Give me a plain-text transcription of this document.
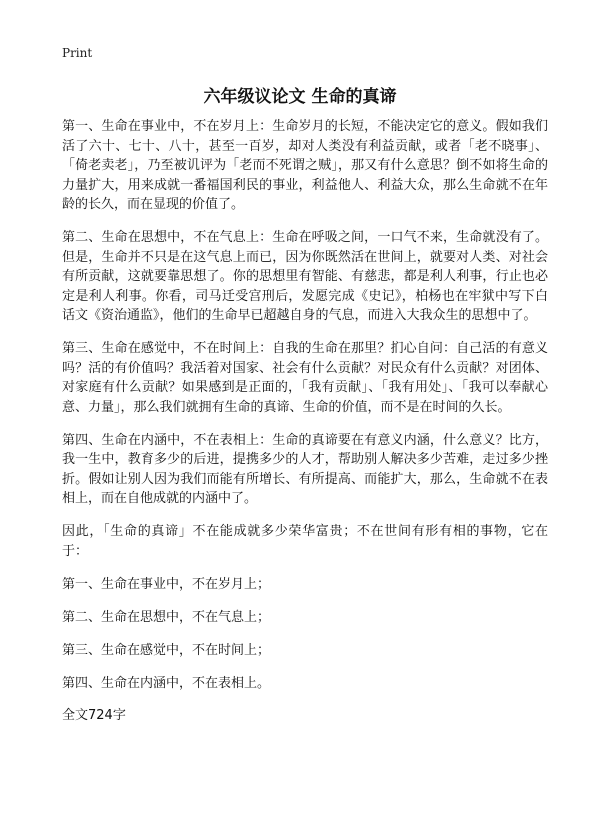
Print
六年级议论文 生命的真谛

第一、生命在事业中，不在岁月上：生命岁月的长短，不能决定它的意义。假如我们活了六十、七十、八十，甚至一百岁，却对人类没有利益贡献，或者「老不晓事」、「倚老卖老」，乃至被讥评为「老而不死谓之贼」，那又有什么意思？倒不如将生命的力量扩大，用来成就一番福国利民的事业，利益他人、利益大众，那么生命就不在年龄的长久，而在显现的价值了。

第二、生命在思想中，不在气息上：生命在呼吸之间，一口气不来，生命就没有了。但是，生命并不只是在这气息上而已，因为你既然活在世间上，就要对人类、对社会有所贡献，这就要靠思想了。你的思想里有智能、有慈悲，都是利人利事，行止也必定是利人利事。你看，司马迁受宫刑后，发愿完成《史记》，柏杨也在牢狱中写下白话文《资治通监》，他们的生命早已超越自身的气息，而进入大我众生的思想中了。

第三、生命在感觉中，不在时间上：自我的生命在那里？扪心自问：自己活的有意义吗？活的有价值吗？我活着对国家、社会有什么贡献？对民众有什么贡献？对团体、对家庭有什么贡献？如果感到是正面的，「我有贡献」、「我有用处」、「我可以奉献心意、力量」，那么我们就拥有生命的真谛、生命的价值，而不是在时间的久长。

第四、生命在内涵中，不在表相上：生命的真谛要在有意义内涵，什么意义？比方，我一生中，教育多少的后进，提携多少的人才，帮助别人解决多少苦难，走过多少挫折。假如让别人因为我们而能有所增长、有所提高、而能扩大，那么，生命就不在表相上，而在自他成就的内涵中了。

因此，「生命的真谛」不在能成就多少荣华富贵；不在世间有形有相的事物，它在于：

第一、生命在事业中，不在岁月上；

第二、生命在思想中，不在气息上；

第三、生命在感觉中，不在时间上；

第四、生命在内涵中，不在表相上。

全文724字
